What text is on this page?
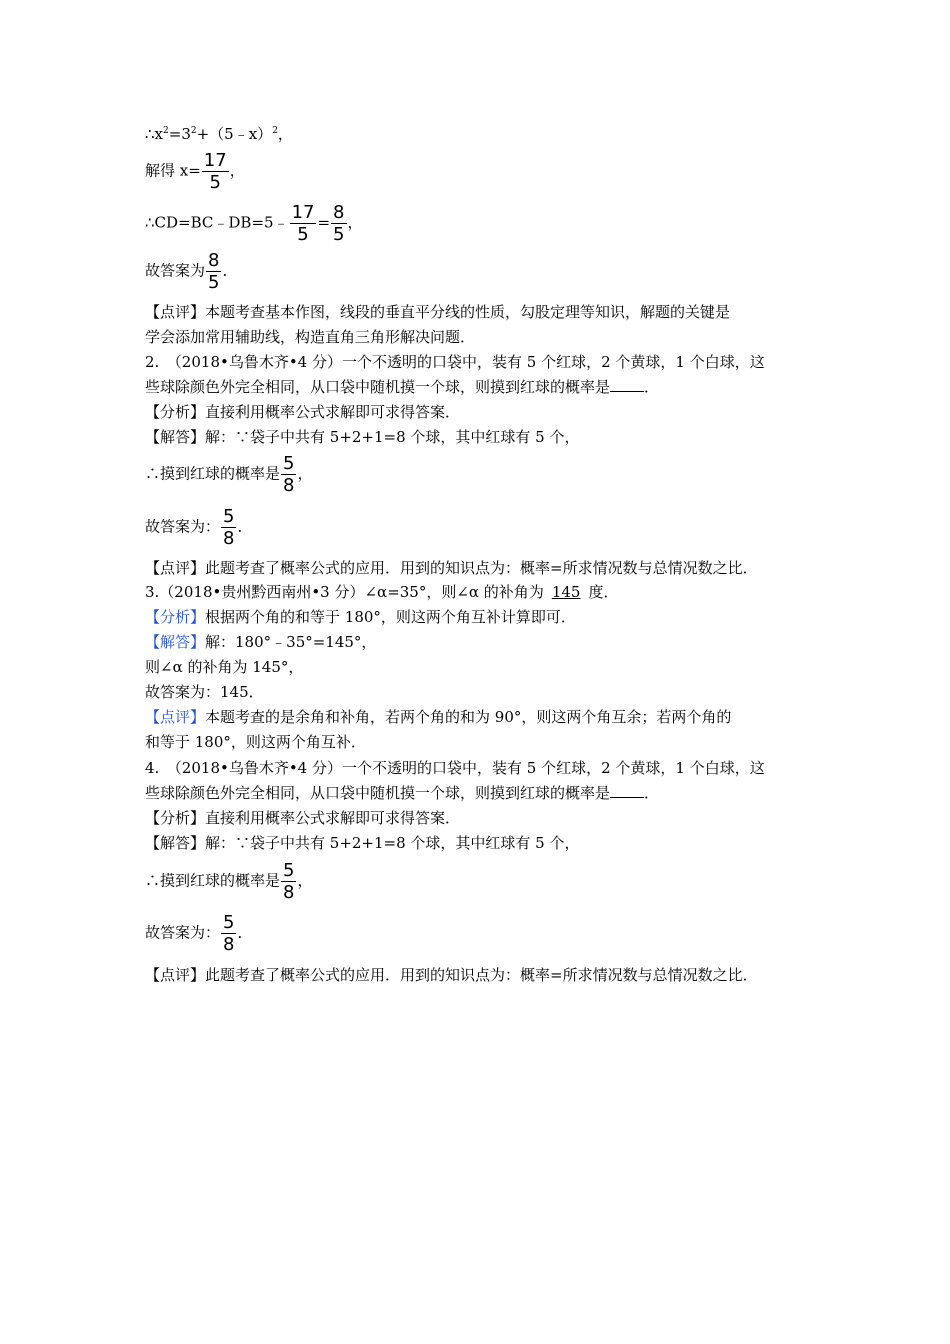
$\therefore x^2=3^2+(5﹣x)^2$，
解得 $x= \frac{17}{5}$ ，
∴CD=BC﹣DB=5﹣ $\frac{17}{5} = \frac{8}{5}$ ，
故答案为 $\frac{8}{5}$ ．
【点评】本题考查基本作图，线段的垂直平分线的性质，勾股定理等知识，解题的关键是
学会添加常用辅助线，构造直角三角形解决问题．
2.　（2018•乌鲁木齐•4 分）一个不透明的口袋中，装有 5 个红球，2 个黄球，1 个白球，这
些球除颜色外完全相同，从口袋中随机摸一个球，则摸到红球的概率是 ．
【分析】直接利用概率公式求解即可求得答案．
【解答】解：∵袋子中共有 5+2+1=8 个球，其中红球有 5 个，
∴摸到红球的概率是 $\frac{5}{8}$ ，
故答案为： $\frac{5}{8}$ ．
【点评】此题考查了概率公式的应用．用到的知识点为：概率=所求情况数与总情况数之比．
3.（2018•贵州黔西南州•3 分）∠α=35°，则∠α 的补角为 145 度．
【分析】根据两个角的和等于 180°，则这两个角互补计算即可．
【解答】解：180°﹣35°=145°，
则∠α 的补角为 145°，
故答案为：145．
【点评】本题考查的是余角和补角，若两个角的和为 90°，则这两个角互余；若两个角的
和等于 180°，则这两个角互补．
4.　（2018•乌鲁木齐•4 分）一个不透明的口袋中，装有 5 个红球，2 个黄球，1 个白球，这
些球除颜色外完全相同，从口袋中随机摸一个球，则摸到红球的概率是 ．
【分析】直接利用概率公式求解即可求得答案．
【解答】解：∵袋子中共有 5+2+1=8 个球，其中红球有 5 个，
∴摸到红球的概率是 $\frac{5}{8}$ ，
故答案为： $\frac{5}{8}$ ．
【点评】此题考查了概率公式的应用．用到的知识点为：概率=所求情况数与总情况数之比．
